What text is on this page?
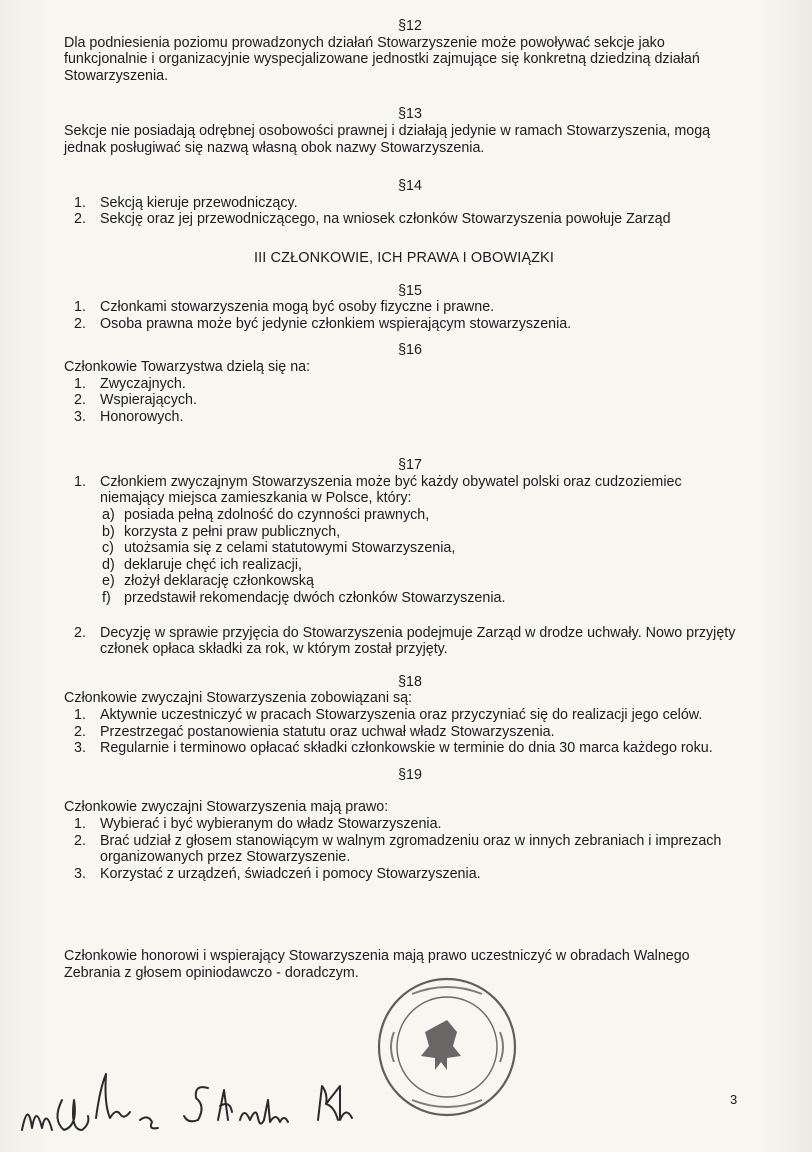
§12

Dla podniesienia poziomu prowadzonych działań Stowarzyszenie może powoływać sekcje jako funkcjonalnie i organizacyjnie wyspecjalizowane jednostki zajmujące się konkretną dziedziną działań Stowarzyszenia.

§13

Sekcje nie posiadają odrębnej osobowości prawnej i działają jedynie w ramach Stowarzyszenia, mogą jednak posługiwać się nazwą własną obok nazwy Stowarzyszenia.

§14

1. Sekcją kieruje przewodniczący.
2. Sekcję oraz jej przewodniczącego, na wniosek członków Stowarzyszenia powołuje Zarząd

III CZŁONKOWIE, ICH PRAWA I OBOWIĄZKI

§15

1. Członkami stowarzyszenia mogą być osoby fizyczne i prawne.
2. Osoba prawna może być jedynie członkiem wspierającym stowarzyszenia.

§16

Członkowie Towarzystwa dzielą się na:

1. Zwyczajnych.
2. Wspierających.
3. Honorowych.

§17

1. Członkiem zwyczajnym Stowarzyszenia może być każdy obywatel polski oraz cudzoziemiec niemający miejsca zamieszkania w Polsce, który:
a) posiada pełną zdolność do czynności prawnych,
b) korzysta z pełni praw publicznych,
c) utożsamia się z celami statutowymi Stowarzyszenia,
d) deklaruje chęć ich realizacji,
e) złożył deklarację członkowską
f) przedstawił rekomendację dwóch członków Stowarzyszenia.
2. Decyzję w sprawie przyjęcia do Stowarzyszenia podejmuje Zarząd w drodze uchwały. Nowo przyjęty członek opłaca składki za rok, w którym został przyjęty.

§18

Członkowie zwyczajni Stowarzyszenia zobowiązani są:

1. Aktywnie uczestniczyć w pracach Stowarzyszenia oraz przyczyniać się do realizacji jego celów.
2. Przestrzegać postanowienia statutu oraz uchwał władz Stowarzyszenia.
3. Regularnie i terminowo opłacać składki członkowskie w terminie do dnia 30 marca każdego roku.

§19

Członkowie zwyczajni Stowarzyszenia mają prawo:

1. Wybierać i być wybieranym do władz Stowarzyszenia.
2. Brać udział z głosem stanowiącym w walnym zgromadzeniu oraz w innych zebraniach i imprezach organizowanych przez Stowarzyszenie.
3. Korzystać z urządzeń, świadczeń i pomocy Stowarzyszenia.

Członkowie honorowi i wspierający Stowarzyszenia mają prawo uczestniczyć w obradach Walnego Zebrania z głosem opiniodawczo - doradczym.

3
